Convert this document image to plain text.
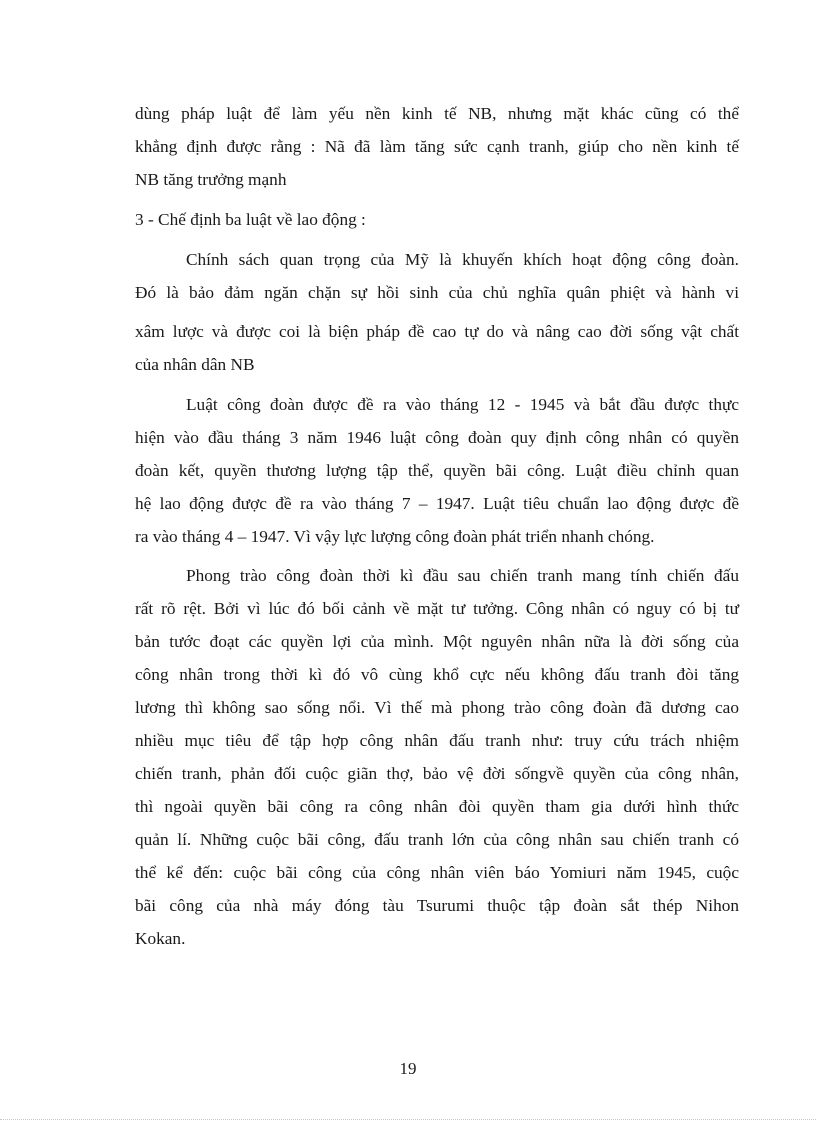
dùng pháp luật để làm yếu nền kinh tế NB, nhưng mặt khác cũng có thể
khẳng định được rằng : Nã đã làm tăng sức cạnh tranh, giúp cho nền kinh tế
NB tăng trưởng mạnh
3 - Chế định ba luật về lao động :
Chính sách quan trọng của Mỹ là khuyến khích hoạt động công đoàn.
Đó là bảo đảm ngăn chặn sự hồi sinh của chủ nghĩa quân phiệt và hành vi
xâm lược và được coi là biện pháp đề cao tự do và nâng cao đời sống vật chất
của nhân dân NB
Luật công đoàn được đề ra vào tháng 12 - 1945 và bắt đầu được thực
hiện vào đầu tháng 3 năm 1946 luật công đoàn quy định công nhân có quyền
đoàn kết, quyền thương lượng tập thể, quyền bãi công. Luật điều chỉnh quan
hệ lao động được đề ra vào tháng 7 – 1947. Luật tiêu chuẩn lao động được đề
ra vào tháng 4 – 1947. Vì vậy lực lượng công đoàn phát triển nhanh chóng.
Phong trào công đoàn thời kì đầu sau chiến tranh mang tính chiến đấu
rất rõ rệt. Bởi vì lúc đó bối cảnh về mặt tư tưởng. Công nhân có nguy có bị tư
bản tước đoạt các quyền lợi của mình. Một nguyên nhân nữa là đời sống của
công nhân trong thời kì đó vô cùng khổ cực nếu không đấu tranh đòi tăng
lương thì không sao sống nổi. Vì thế mà phong trào công đoàn đã dương cao
nhiều mục tiêu để tập hợp công nhân đấu tranh như: truy cứu trách nhiệm
chiến tranh, phản đối cuộc giãn thợ, bảo vệ đời sốngvề quyền của công nhân,
thì ngoài quyền bãi công ra công nhân đòi quyền tham gia dưới hình thức
quản lí. Những cuộc bãi công, đấu tranh lớn của công nhân sau chiến tranh có
thể kể đến: cuộc bãi công của công nhân viên báo Yomiuri năm 1945, cuộc
bãi công của nhà máy đóng tàu Tsurumi thuộc tập đoàn sắt thép Nihon
Kokan.
19
